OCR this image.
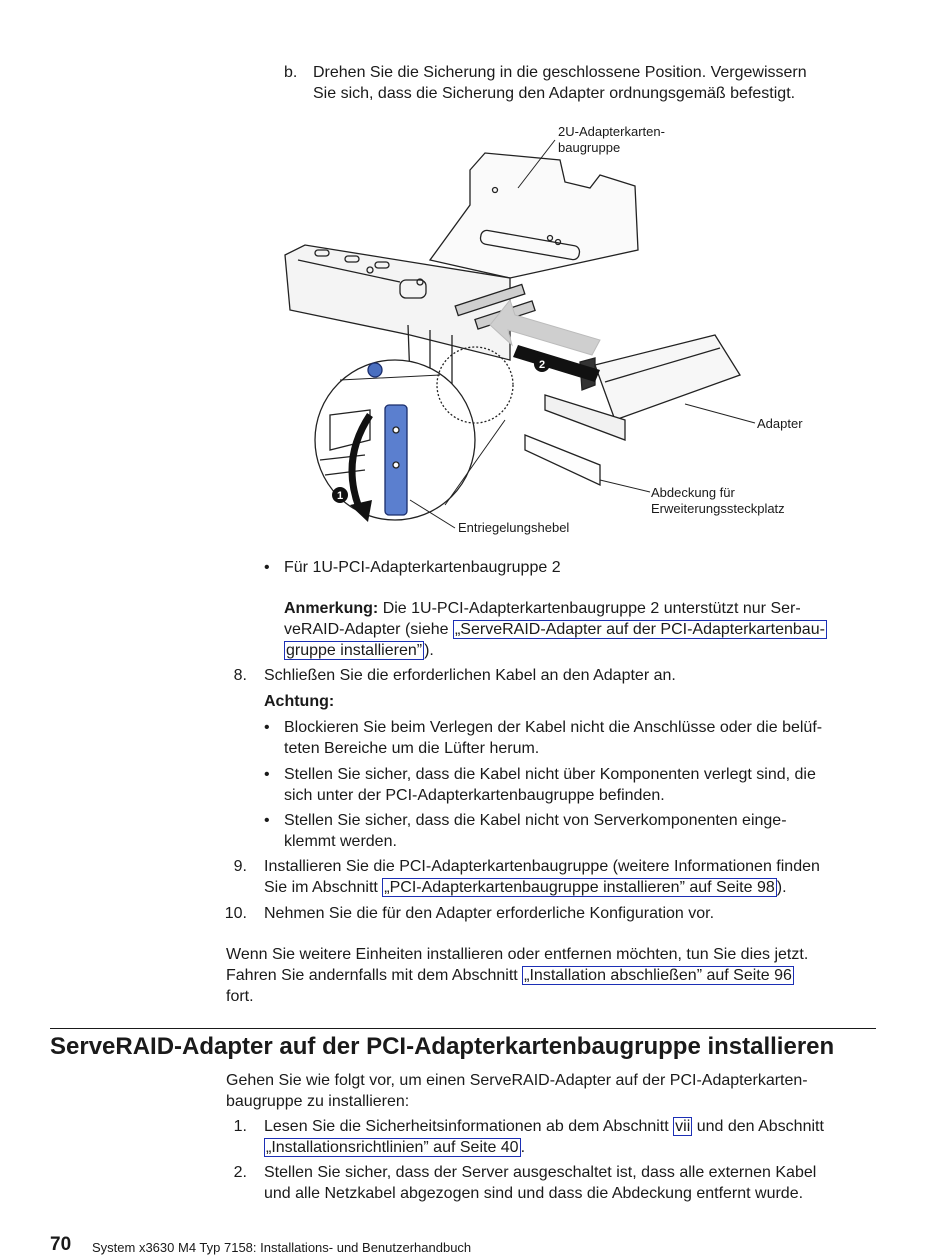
b. Drehen Sie die Sicherung in die geschlossene Position. Vergewissern
Sie sich, dass die Sicherung den Adapter ordnungsgemäß befestigt.
2
1
2U-Adapterkarten-
baugruppe
Adapter
Abdeckung für
Erweiterungssteckplatz
Entriegelungshebel
• Für 1U-PCI-Adapterkartenbaugruppe 2
Anmerkung: Die 1U-PCI-Adapterkartenbaugruppe 2 unterstützt nur Ser-
veRAID-Adapter (siehe „ServeRAID-Adapter auf der PCI-Adapterkartenbau-
gruppe installieren” ).
8. Schließen Sie die erforderlichen Kabel an den Adapter an.
Achtung:
• Blockieren Sie beim Verlegen der Kabel nicht die Anschlüsse oder die belüf-
teten Bereiche um die Lüfter herum.
• Stellen Sie sicher, dass die Kabel nicht über Komponenten verlegt sind, die
sich unter der PCI-Adapterkartenbaugruppe befinden.
• Stellen Sie sicher, dass die Kabel nicht von Serverkomponenten einge-
klemmt werden.
9. Installieren Sie die PCI-Adapterkartenbaugruppe (weitere Informationen finden
Sie im Abschnitt „PCI-Adapterkartenbaugruppe installieren” auf Seite 98 ).
10. Nehmen Sie die für den Adapter erforderliche Konfiguration vor.
Wenn Sie weitere Einheiten installieren oder entfernen möchten, tun Sie dies jetzt.
Fahren Sie andernfalls mit dem Abschnitt „Installation abschließen” auf Seite 96
fort.
ServeRAID-Adapter auf der PCI-Adapterkartenbaugruppe installieren
Gehen Sie wie folgt vor, um einen ServeRAID-Adapter auf der PCI-Adapterkarten-
baugruppe zu installieren:
1. Lesen Sie die Sicherheitsinformationen ab dem Abschnitt vii und den Abschnitt
„Installationsrichtlinien” auf Seite 40 .
2. Stellen Sie sicher, dass der Server ausgeschaltet ist, dass alle externen Kabel
und alle Netzkabel abgezogen sind und dass die Abdeckung entfernt wurde.
70 System x3630 M4 Typ 7158: Installations- und Benutzerhandbuch
